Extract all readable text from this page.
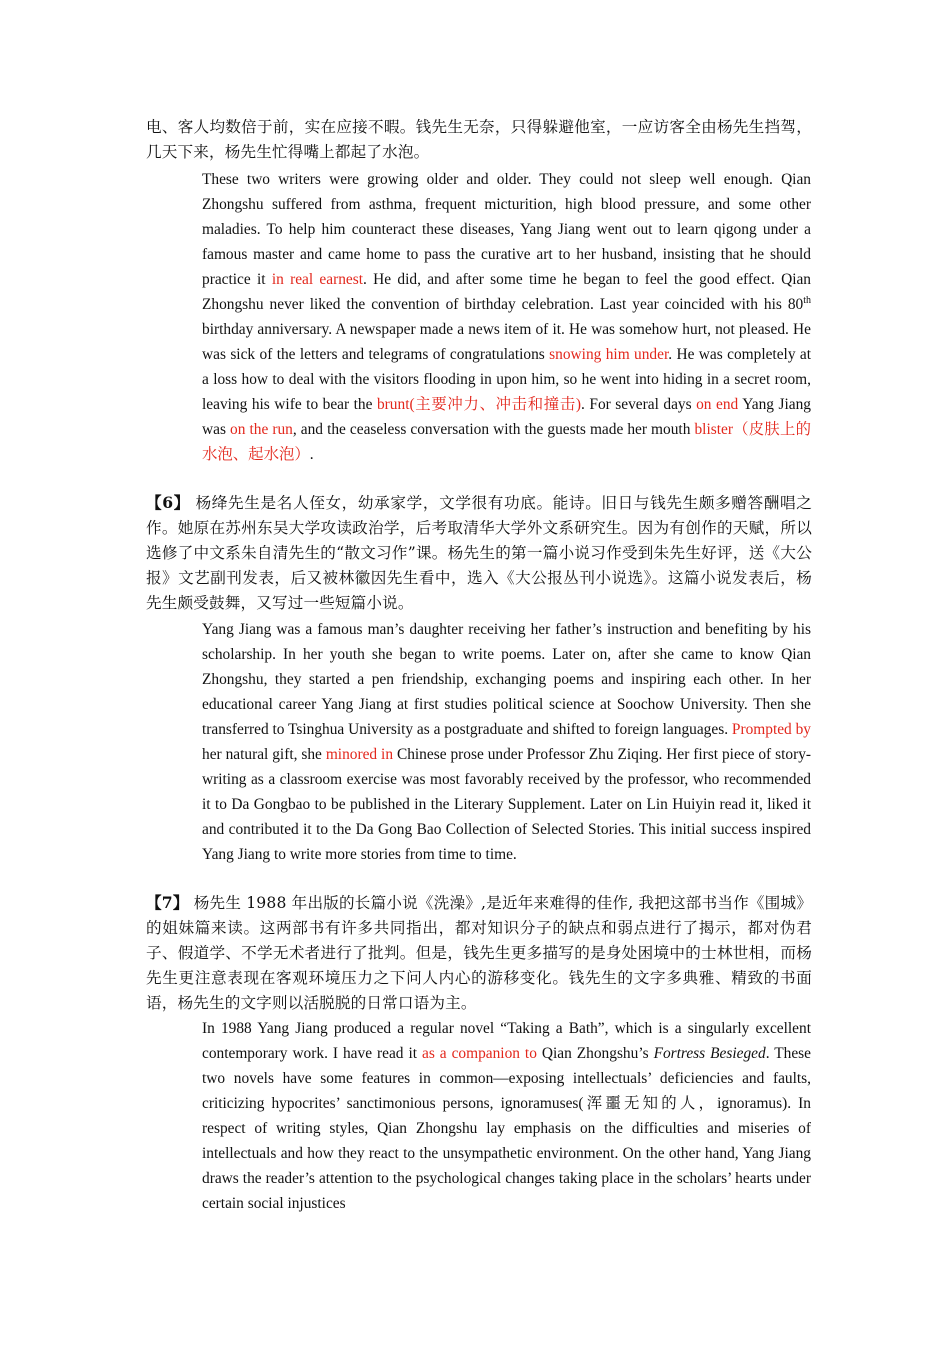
电、客人均数倍于前，实在应接不暇。钱先生无奈，只得躲避他室，一应访客全由杨先生挡驾，几天下来，杨先生忙得嘴上都起了水泡。
These two writers were growing older and older. They could not sleep well enough. Qian Zhongshu suffered from asthma, frequent micturition, high blood pressure, and some other maladies. To help him counteract these diseases, Yang Jiang went out to learn qigong under a famous master and came home to pass the curative art to her husband, insisting that he should practice it in real earnest. He did, and after some time he began to feel the good effect. Qian Zhongshu never liked the convention of birthday celebration. Last year coincided with his 80th birthday anniversary. A newspaper made a news item of it. He was somehow hurt, not pleased. He was sick of the letters and telegrams of congratulations snowing him under. He was completely at a loss how to deal with the visitors flooding in upon him, so he went into hiding in a secret room, leaving his wife to bear the brunt(主要冲力、冲击和撞击). For several days on end Yang Jiang was on the run, and the ceaseless conversation with the guests made her mouth blister（皮肤上的水泡、起水泡）.
【6】 杨绛先生是名人侄女，幼承家学，文学很有功底。能诗。旧日与钱先生颇多赠答酬唱之作。她原在苏州东吴大学攻读政治学，后考取清华大学外文系研究生。因为有创作的天赋，所以选修了中文系朱自清先生的“散文习作”课。杨先生的第一篇小说习作受到朱先生好评，送《大公报》文艺副刊发表，后又被林徽因先生看中，选入《大公报丛刊小说选》。这篇小说发表后，杨先生颇受鼓舞，又写过一些短篇小说。
Yang Jiang was a famous man’s daughter receiving her father’s instruction and benefiting by his scholarship. In her youth she began to write poems. Later on, after she came to know Qian Zhongshu, they started a pen friendship, exchanging poems and inspiring each other. In her educational career Yang Jiang at first studies political science at Soochow University. Then she transferred to Tsinghua University as a postgraduate and shifted to foreign languages. Prompted by her natural gift, she minored in Chinese prose under Professor Zhu Ziqing. Her first piece of story-writing as a classroom exercise was most favorably received by the professor, who recommended it to Da Gongbao to be published in the Literary Supplement. Later on Lin Huiyin read it, liked it and contributed it to the Da Gong Bao Collection of Selected Stories. This initial success inspired Yang Jiang to write more stories from time to time.
【7】 杨先生 1988 年出版的长篇小说《洗澡》,是近年来难得的佳作, 我把这部书当作《围城》的姐妹篇来读。这两部书有许多共同指出，都对知识分子的缺点和弱点进行了揭示，都对伪君子、假道学、不学无术者进行了批判。但是，钱先生更多描写的是身处困境中的士林世相，而杨先生更注意表现在客观环境压力之下问人内心的游移变化。钱先生的文字多典雅、精致的书面语，杨先生的文字则以活脱脱的日常口语为主。
In 1988 Yang Jiang produced a regular novel “Taking a Bath”, which is a singularly excellent contemporary work. I have read it as a companion to Qian Zhongshu’s Fortress Besieged. These two novels have some features in common—exposing intellectuals’ deficiencies and faults, criticizing hypocrites’ sanctimonious persons, ignoramuses(浑噩无知的人，ignoramus). In respect of writing styles, Qian Zhongshu lay emphasis on the difficulties and miseries of intellectuals and how they react to the unsympathetic environment. On the other hand, Yang Jiang draws the reader’s attention to the psychological changes taking place in the scholars’ hearts under certain social injustices
